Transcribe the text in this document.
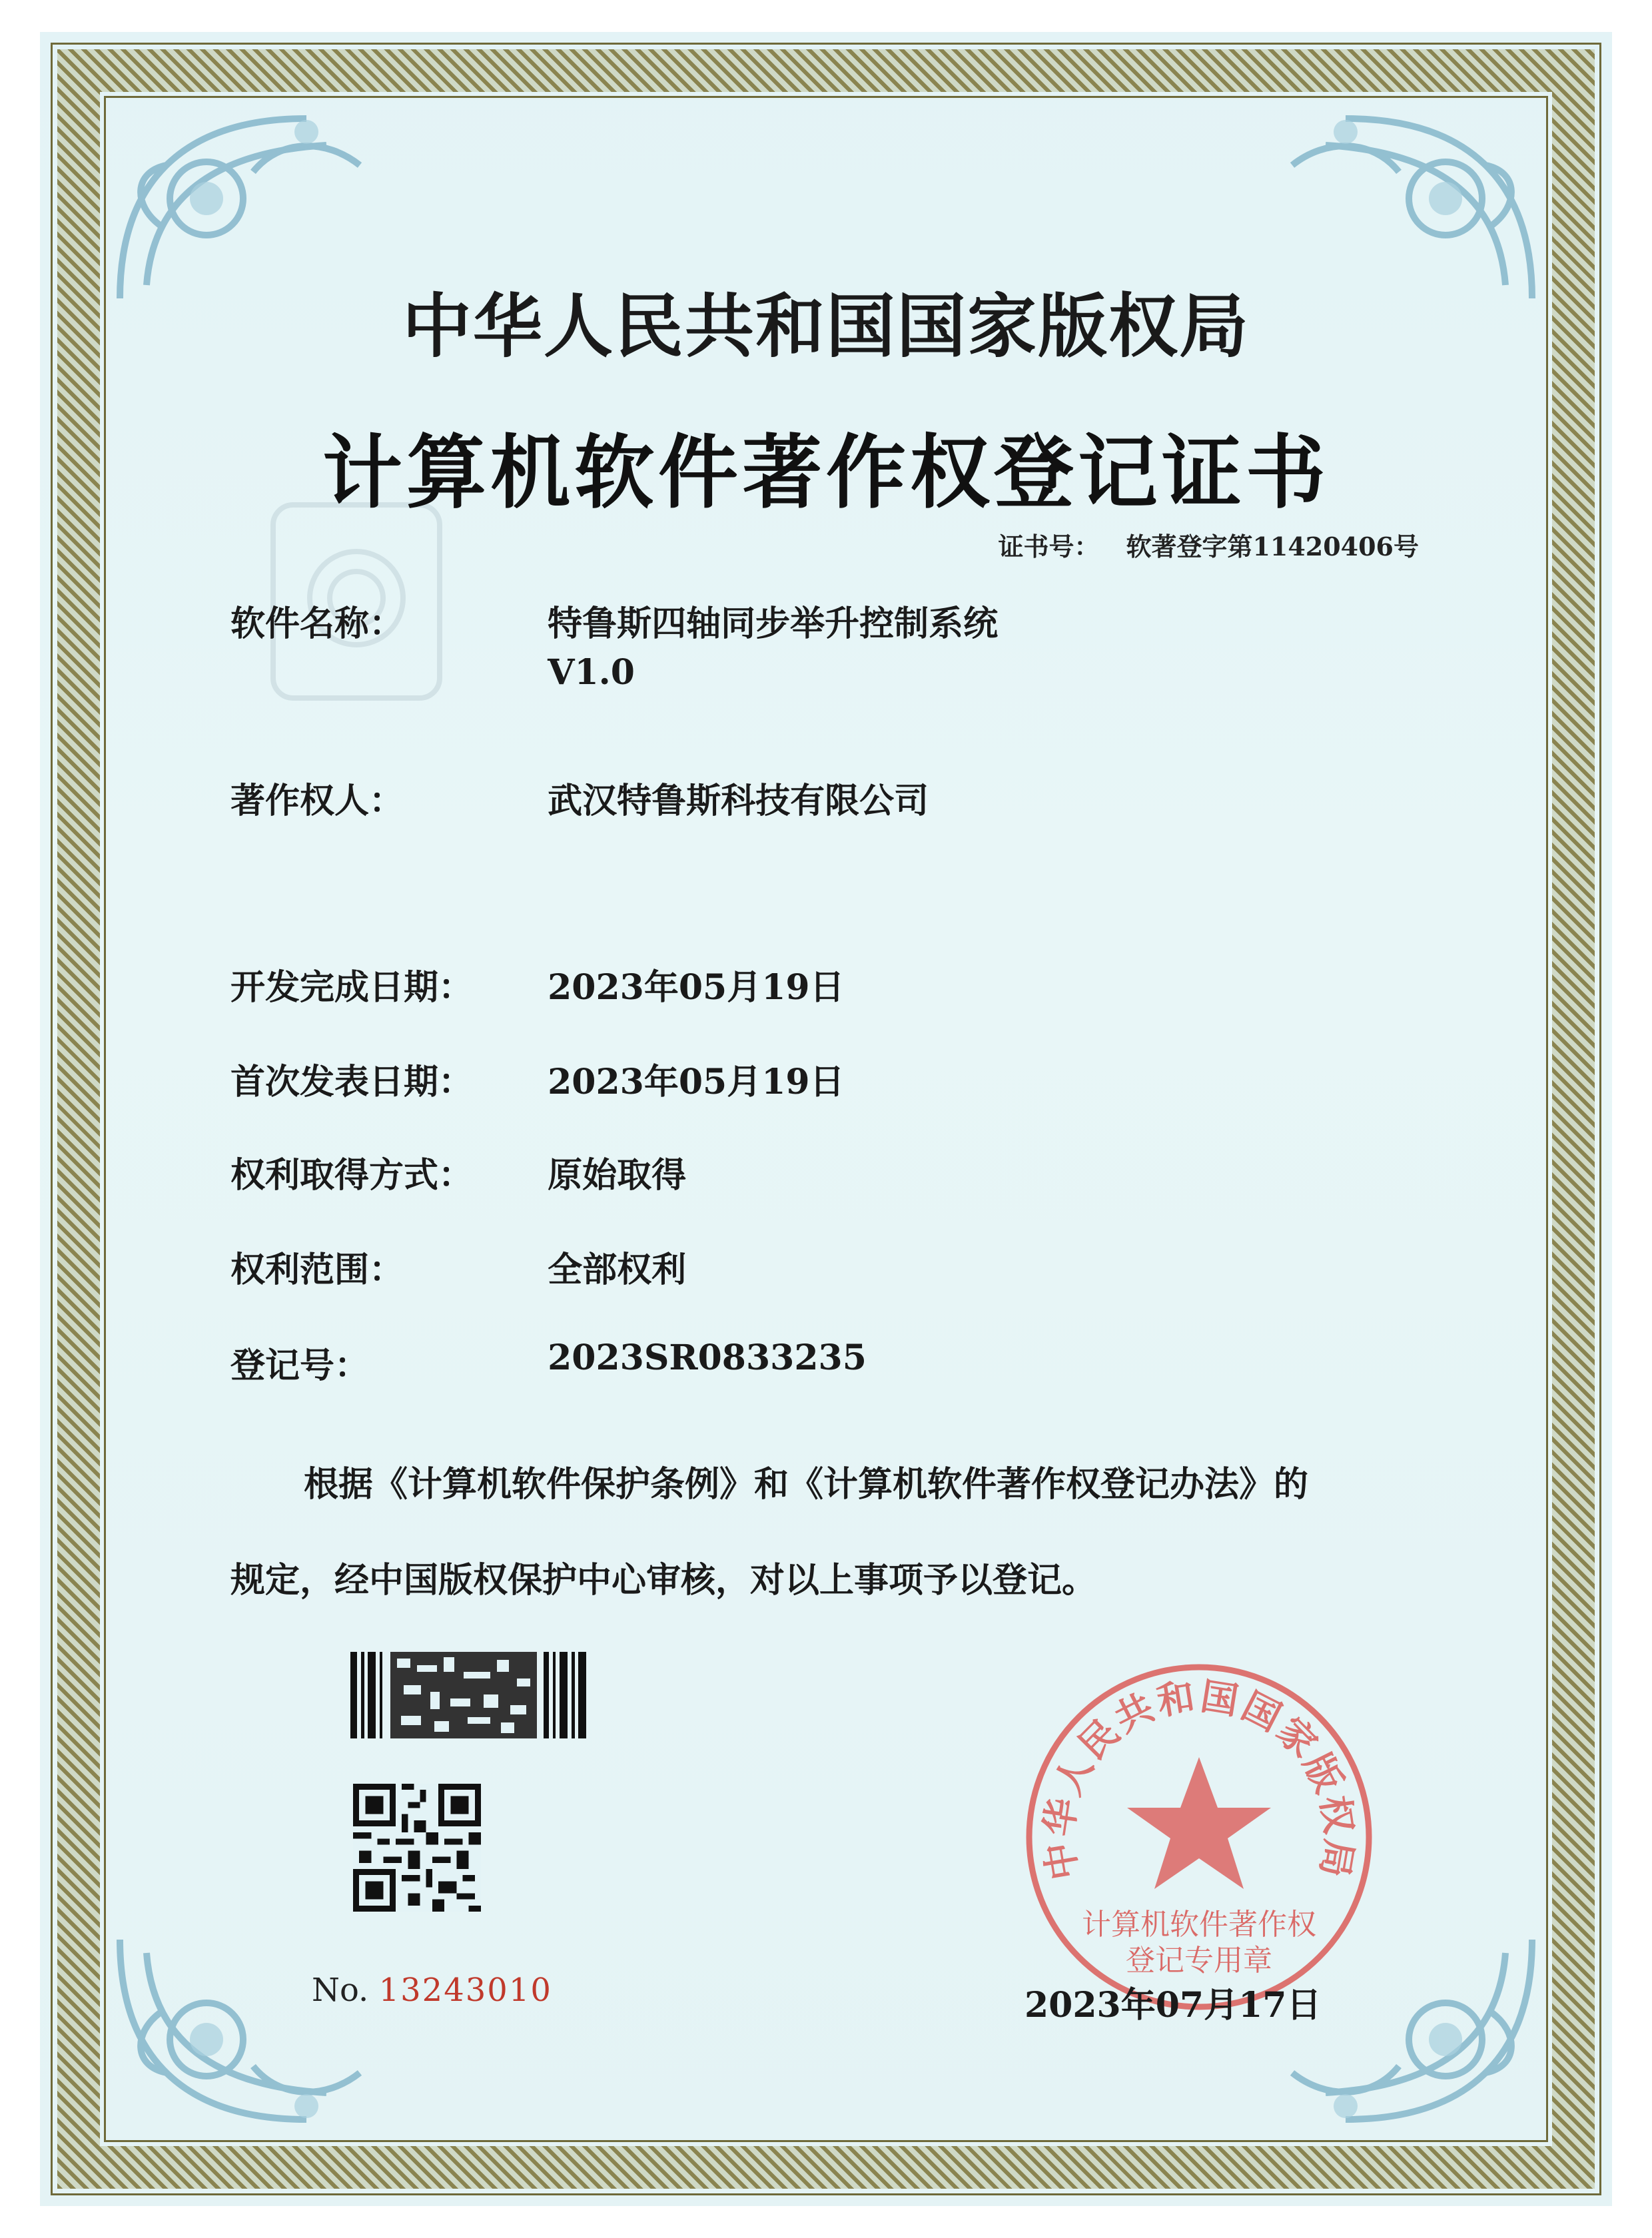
中华人民共和国国家版权局
计算机软件著作权登记证书
证书号： 软著登字第11420406号
软件名称：	特鲁斯四轴同步举升控制系统
V1.0
著作权人：	武汉特鲁斯科技有限公司
开发完成日期： 2023年05月19日
首次发表日期： 2023年05月19日
权利取得方式： 原始取得
权利范围：	全部权利
登记号：	2023SR0833235
根据《计算机软件保护条例》和《计算机软件著作权登记办法》的
规定，经中国版权保护中心审核，对以上事项予以登记。
No. 13243010
中华人民共和国国家版权局
计算机软件著作权
登记专用章
2023年07月17日
